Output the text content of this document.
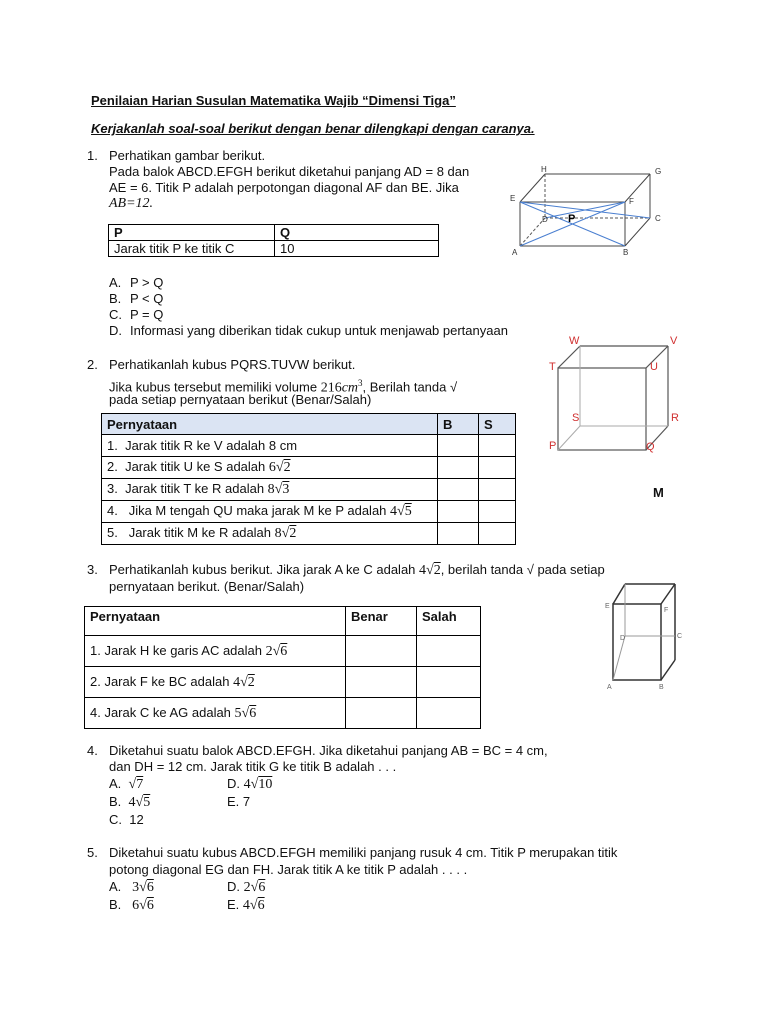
Penilaian Harian Susulan Matematika Wajib “Dimensi Tiga”
Kerjakanlah soal-soal berikut dengan benar dilengkapi dengan caranya.
1. Perhatikan gambar berikut.
Pada balok ABCD.EFGH berikut diketahui panjang AD = 8 dan
AE = 6. Titik P adalah perpotongan diagonal AF dan BE. Jika
AB=12.
P	Q
Jarak titik P ke titik C	10
A. P > Q
B. P < Q
C. P = Q
D. Informasi yang diberikan tidak cukup untuk menjawab pertanyaan
H	G
E	F
D	C
A	B
P
2. Perhatikanlah kubus PQRS.TUVW berikut.
Jika kubus tersebut memiliki volume $216cm^3$, Berilah tanda √
pada setiap pernyataan berikut (Benar/Salah)
Pernyataan	B	S
1. Jarak titik R ke V adalah 8 cm		
2. Jarak titik U ke S adalah 6√2		
3. Jarak titik T ke R adalah 8√3		
4. Jika M tengah QU maka jarak M ke P adalah 4√5		
5. Jarak titik M ke R adalah 8√2		
W	V
T	U
S	R
P	Q
M
3. Perhatikanlah kubus berikut. Jika jarak A ke C adalah 4√2, berilah tanda √ pada setiap
pernyataan berikut. (Benar/Salah)
Pernyataan	Benar	Salah
1. Jarak H ke garis AC adalah 2√6		
2. Jarak F ke BC adalah 4√2		
4. Jarak C ke AG adalah 5√6		
E
F
D	C
A	B
4. Diketahui suatu balok ABCD.EFGH. Jika diketahui panjang AB = BC = 4 cm,
dan DH = 12 cm. Jarak titik G ke titik B adalah . . .
A. √7	D. 4√10
B. 4√5	E. 7
C. 12
5. Diketahui suatu kubus ABCD.EFGH memiliki panjang rusuk 4 cm. Titik P merupakan titik
potong diagonal EG dan FH. Jarak titik A ke titik P adalah . . . .
A. 3√6	D. 2√6
B. 6√6	E. 4√6
